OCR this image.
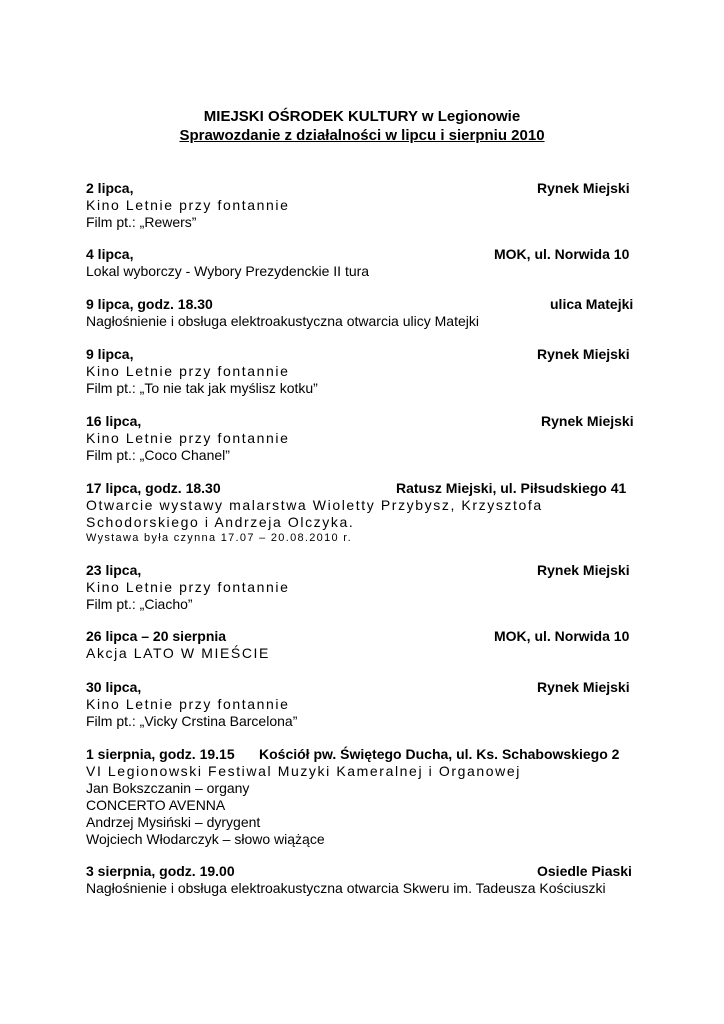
MIEJSKI OŚRODEK KULTURY w Legionowie
Sprawozdanie z działalności w lipcu i sierpniu 2010
2 lipca,	Rynek Miejski
Kino Letnie przy fontannie
Film pt.: „Rewers”
4 lipca,	MOK, ul. Norwida 10
Lokal wyborczy - Wybory Prezydenckie II tura
9 lipca, godz. 18.30	ulica Matejki
Nagłośnienie i obsługa elektroakustyczna otwarcia ulicy Matejki
9 lipca,	Rynek Miejski
Kino Letnie przy fontannie
Film pt.: „To nie tak jak myślisz kotku”
16 lipca,	Rynek Miejski
Kino Letnie przy fontannie
Film pt.: „Coco Chanel”
17 lipca, godz. 18.30	Ratusz Miejski, ul. Piłsudskiego 41
Otwarcie wystawy malarstwa Wioletty Przybysz, Krzysztofa
Schodorskiego i Andrzeja Olczyka.
Wystawa była czynna 17.07 – 20.08.2010 r.
23 lipca,	Rynek Miejski
Kino Letnie przy fontannie
Film pt.: „Ciacho”
26 lipca – 20 sierpnia	MOK, ul. Norwida 10
Akcja LATO W MIEŚCIE
30 lipca,	Rynek Miejski
Kino Letnie przy fontannie
Film pt.: „Vicky Crstina Barcelona”
1 sierpnia, godz. 19.15 Kościół pw. Świętego Ducha, ul. Ks. Schabowskiego 2
VI Legionowski Festiwal Muzyki Kameralnej i Organowej
Jan Bokszczanin – organy
CONCERTO AVENNA
Andrzej Mysiński – dyrygent
Wojciech Włodarczyk – słowo wiążące
3 sierpnia, godz. 19.00	Osiedle Piaski
Nagłośnienie i obsługa elektroakustyczna otwarcia Skweru im. Tadeusza Kościuszki
